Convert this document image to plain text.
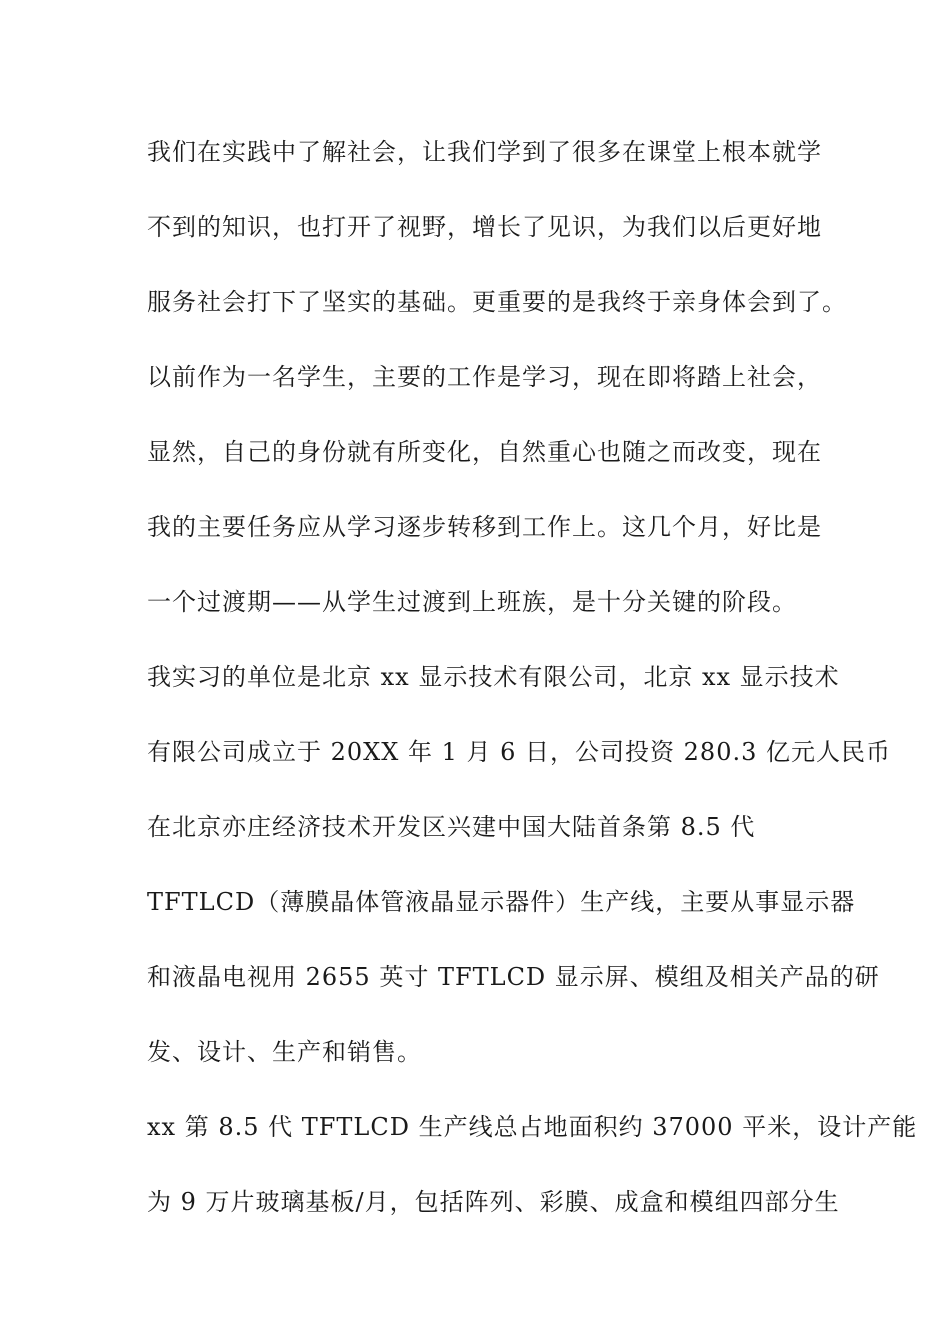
我们在实践中了解社会，让我们学到了很多在课堂上根本就学
不到的知识，也打开了视野，增长了见识，为我们以后更好地
服务社会打下了坚实的基础。更重要的是我终于亲身体会到了。
以前作为一名学生，主要的工作是学习，现在即将踏上社会，
显然，自己的身份就有所变化，自然重心也随之而改变，现在
我的主要任务应从学习逐步转移到工作上。这几个月，好比是
一个过渡期——从学生过渡到上班族，是十分关键的阶段。
我实习的单位是北京 xx 显示技术有限公司，北京 xx 显示技术
有限公司成立于 20XX 年 1 月 6 日，公司投资 280.3 亿元人民币
在北京亦庄经济技术开发区兴建中国大陆首条第 8.5 代
TFTLCD（薄膜晶体管液晶显示器件）生产线，主要从事显示器
和液晶电视用 2655 英寸 TFTLCD 显示屏、模组及相关产品的研
发、设计、生产和销售。
xx 第 8.5 代 TFTLCD 生产线总占地面积约 37000 平米，设计产能
为 9 万片玻璃基板/月，包括阵列、彩膜、成盒和模组四部分生
